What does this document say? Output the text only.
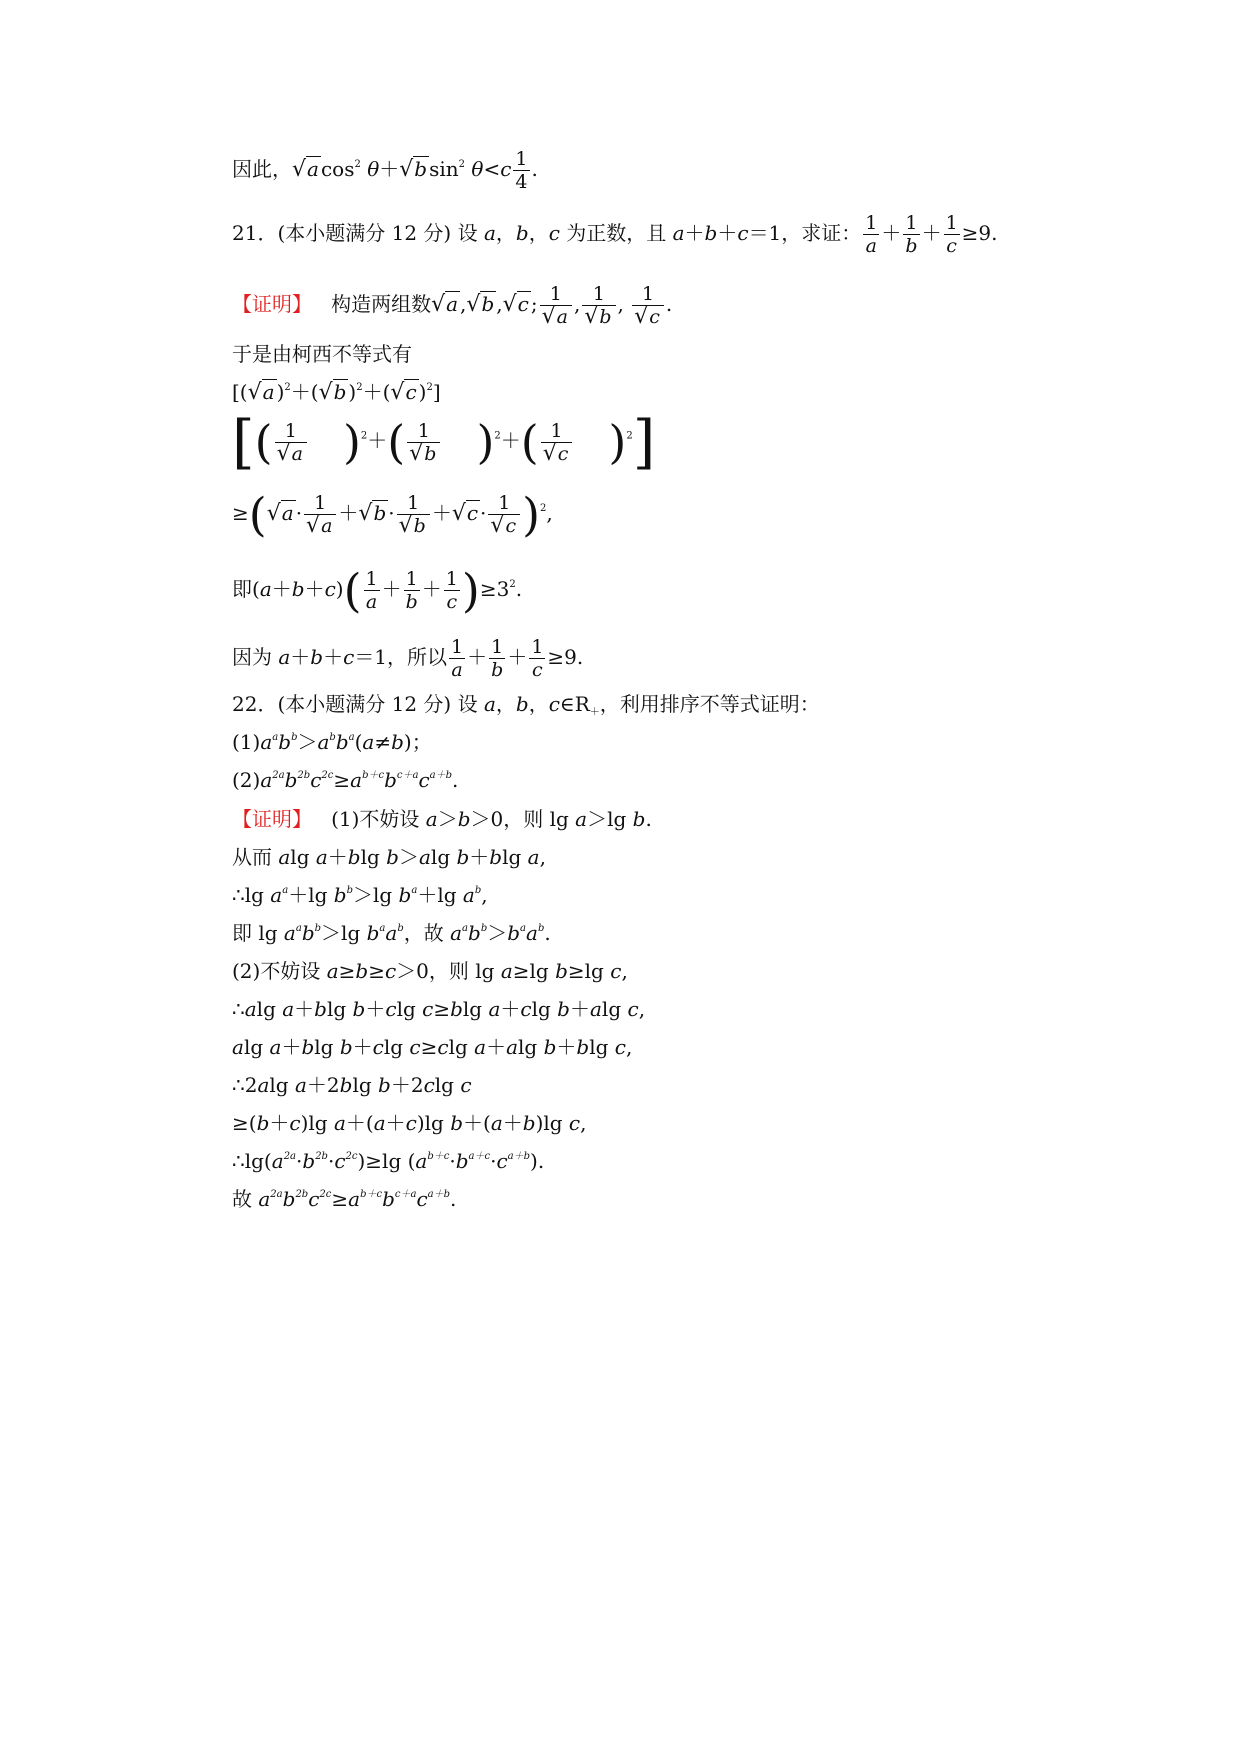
因此，√a $\cos^2 \theta+√b$ $\sin^2 \theta<c \frac{1}{4}$ .
21．(本小题满分 12 分) 设 a，b，c 为正数，且 a＋b＋c＝1，求证： $\frac{1}{a} + \frac{1}{b} + \frac{1}{c} \ge 9$.
【证明】 构造两组数√a ,√b ,√c ; $\frac{1}{√a}$ , $\frac{1}{√b}$ , $\frac{1}{√c}$ .
于是由柯西不等式有
[(√a )$^2$＋(√b )$^2$＋(√c )$^2$]
[( $\frac{1}{√a} )^2+( \frac{1}{√b} )^2+( \frac{1}{√c} )^2$]
$\ge(√a \cdot \frac{1}{√a} +√b \cdot \frac{1}{√b} +√c \cdot \frac{1}{√c} )^2$,
即$(a+b+c)( \frac{1}{a} + \frac{1}{b} + \frac{1}{c} )\ge 3^2$.
因为 a＋b＋c＝1，所以 $\frac{1}{a} + \frac{1}{b} + \frac{1}{c} \ge 9$.
22．(本小题满分 12 分) 设 a，b，$c\in R_+$，利用排序不等式证明：
$(1)a^ab^b>a^bb^a(a\ne b)$；
$(2)a^{2a}b^{2b}c^{2c}\ge a^{b+c}b^{c+a}c^{a+b}$.
【证明】 (1)不妨设 a＞b＞0，则 lg a＞lg b.
从而 alg a＋blg b＞alg b＋blg a,
∴lg $a^a+\lg$ $b^b>\lg$ $b^a+\lg$ $a^b$,
即 $\lg a^ab^b>\lg$ $b^aa^b$，故 $a^ab^b>b^aa^b$.
(2)不妨设 a≥b≥c＞0，则 lg a≥lg b≥lg c,
∴alg a＋blg b＋clg c≥blg a＋clg b＋alg c,
alg a＋blg b＋clg c≥clg a＋alg b＋blg c,
∴2alg a＋2blg b＋2clg c
≥(b＋c)lg a＋(a＋c)lg b＋(a＋b)lg c,
$\therefore\lg(a^{2a}\cdot b^{2b}\cdot c^{2c})\ge\lg$ $(a^{b+c}\cdot b^{a+c}\cdot c^{a+b})$.
故 $a^{2a}b^{2b}c^{2c}\ge a^{b+c}b^{c+a}c^{a+b}$.
